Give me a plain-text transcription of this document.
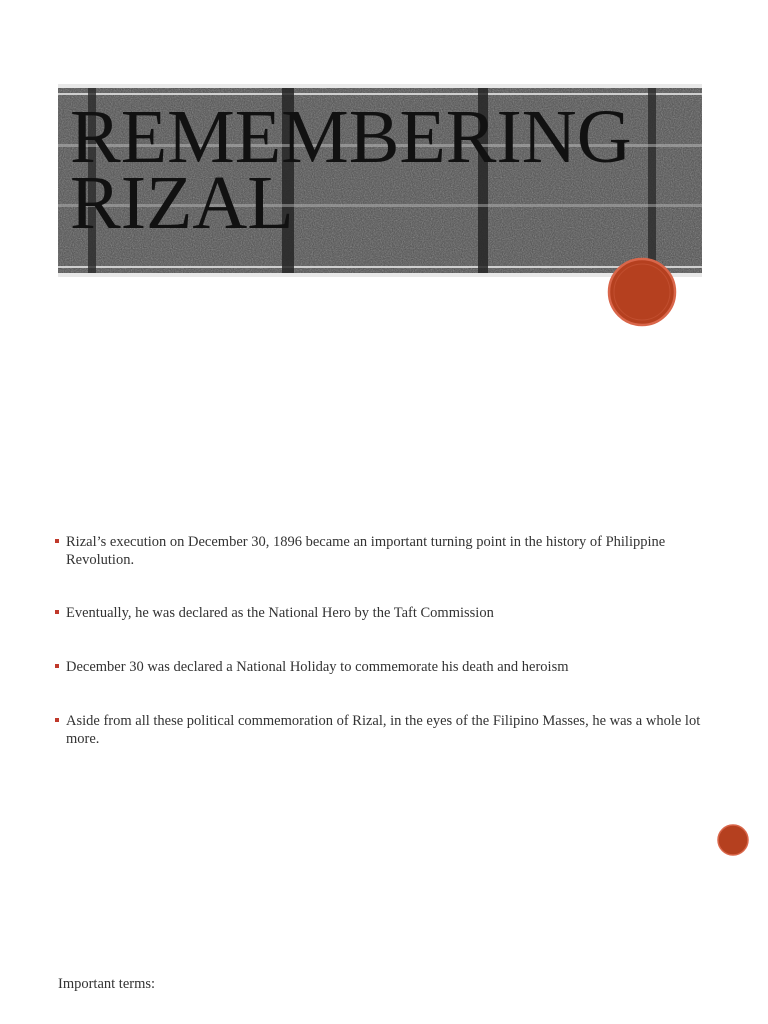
REMEMBERING
RIZAL
Rizal’s execution on December 30, 1896 became an important turning point in the history of Philippine Revolution.
Eventually, he was declared as the National Hero by the Taft Commission
December 30 was declared a National Holiday to commemorate his death and heroism
Aside from all these political commemoration of Rizal, in the eyes of the Filipino Masses, he was a whole lot more.
Important terms:
